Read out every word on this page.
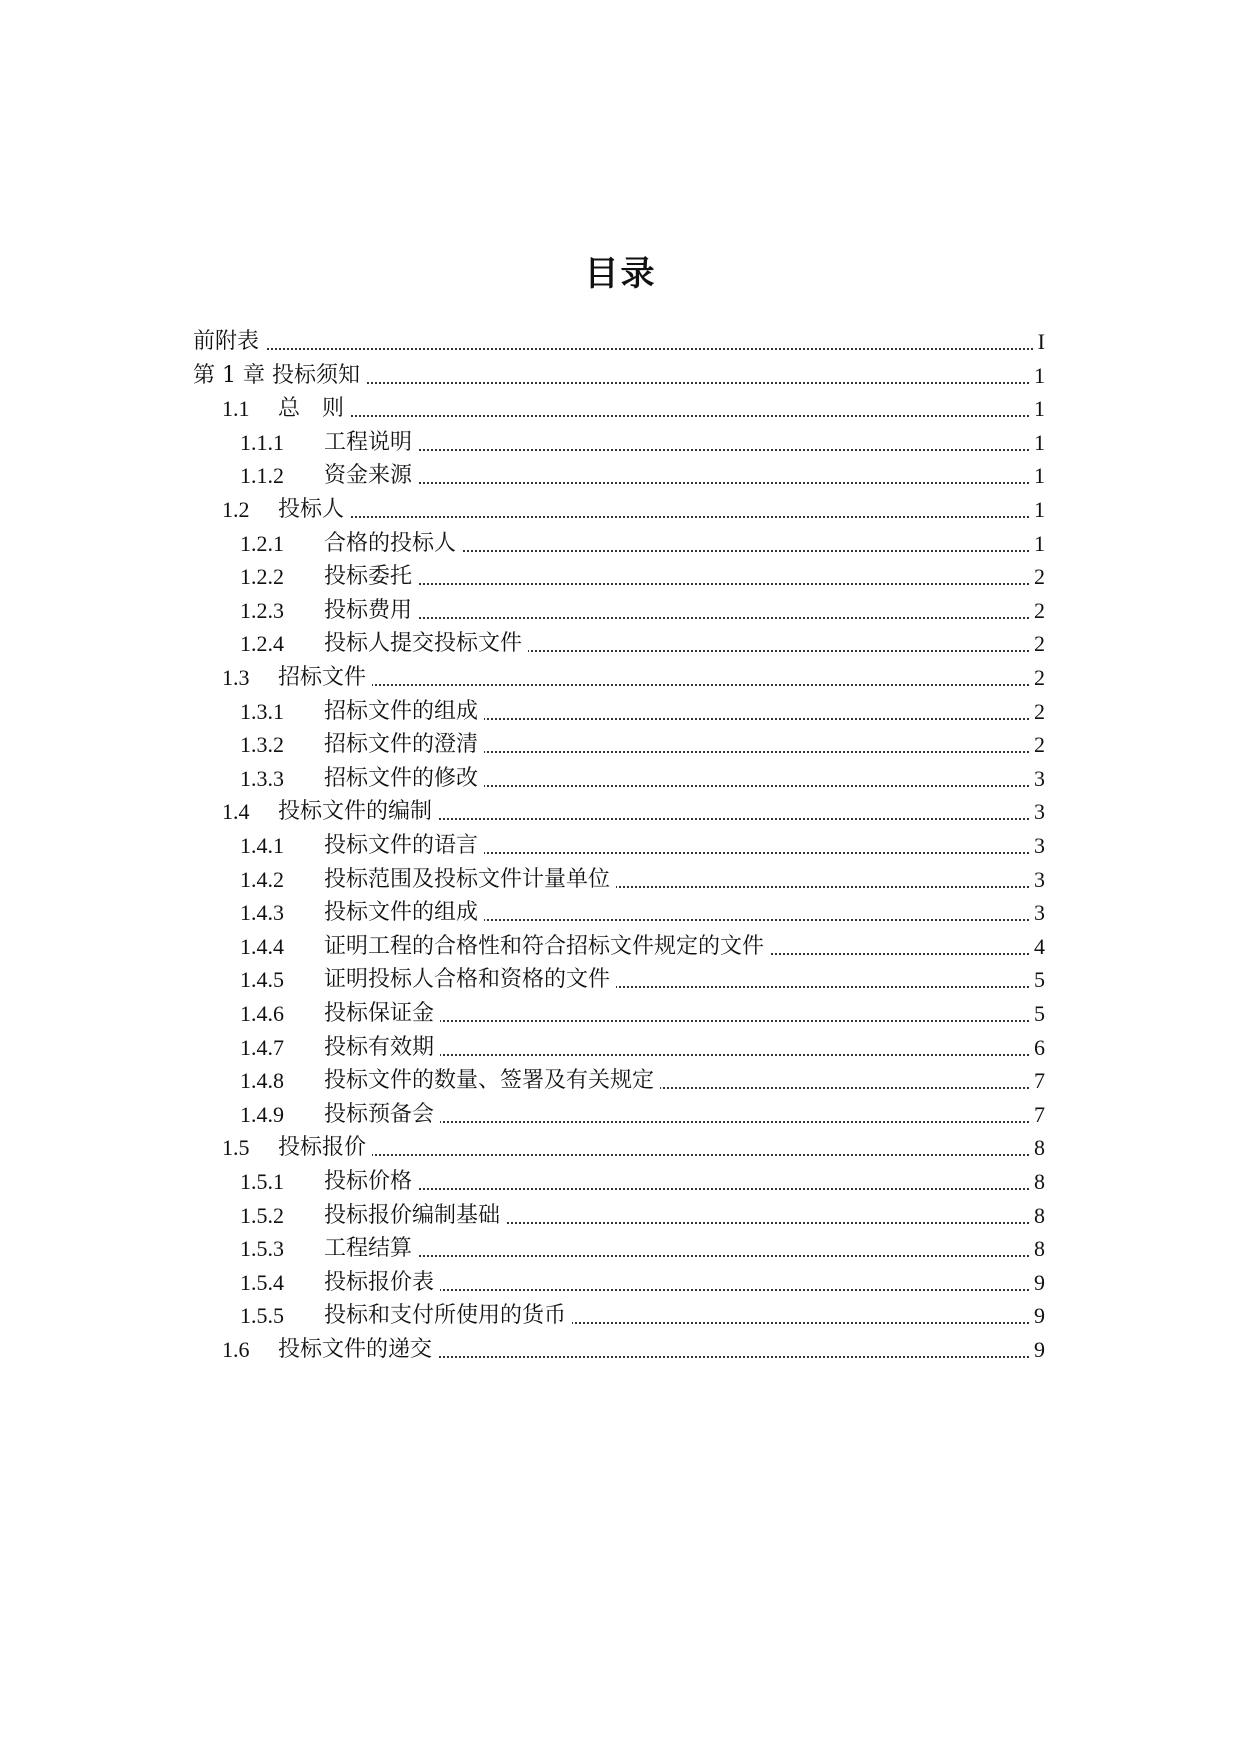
目录
前附表	I
第 1 章 投标须知	1
1.1 总　则	1
1.1.1 工程说明	1
1.1.2 资金来源	1
1.2 投标人	1
1.2.1 合格的投标人	1
1.2.2 投标委托	2
1.2.3 投标费用	2
1.2.4 投标人提交投标文件	2
1.3 招标文件	2
1.3.1 招标文件的组成	2
1.3.2 招标文件的澄清	2
1.3.3 招标文件的修改	3
1.4 投标文件的编制	3
1.4.1 投标文件的语言	3
1.4.2 投标范围及投标文件计量单位	3
1.4.3 投标文件的组成	3
1.4.4 证明工程的合格性和符合招标文件规定的文件	4
1.4.5 证明投标人合格和资格的文件	5
1.4.6 投标保证金	5
1.4.7 投标有效期	6
1.4.8 投标文件的数量、签署及有关规定	7
1.4.9 投标预备会	7
1.5 投标报价	8
1.5.1 投标价格	8
1.5.2 投标报价编制基础	8
1.5.3 工程结算	8
1.5.4 投标报价表	9
1.5.5 投标和支付所使用的货币	9
1.6 投标文件的递交	9
